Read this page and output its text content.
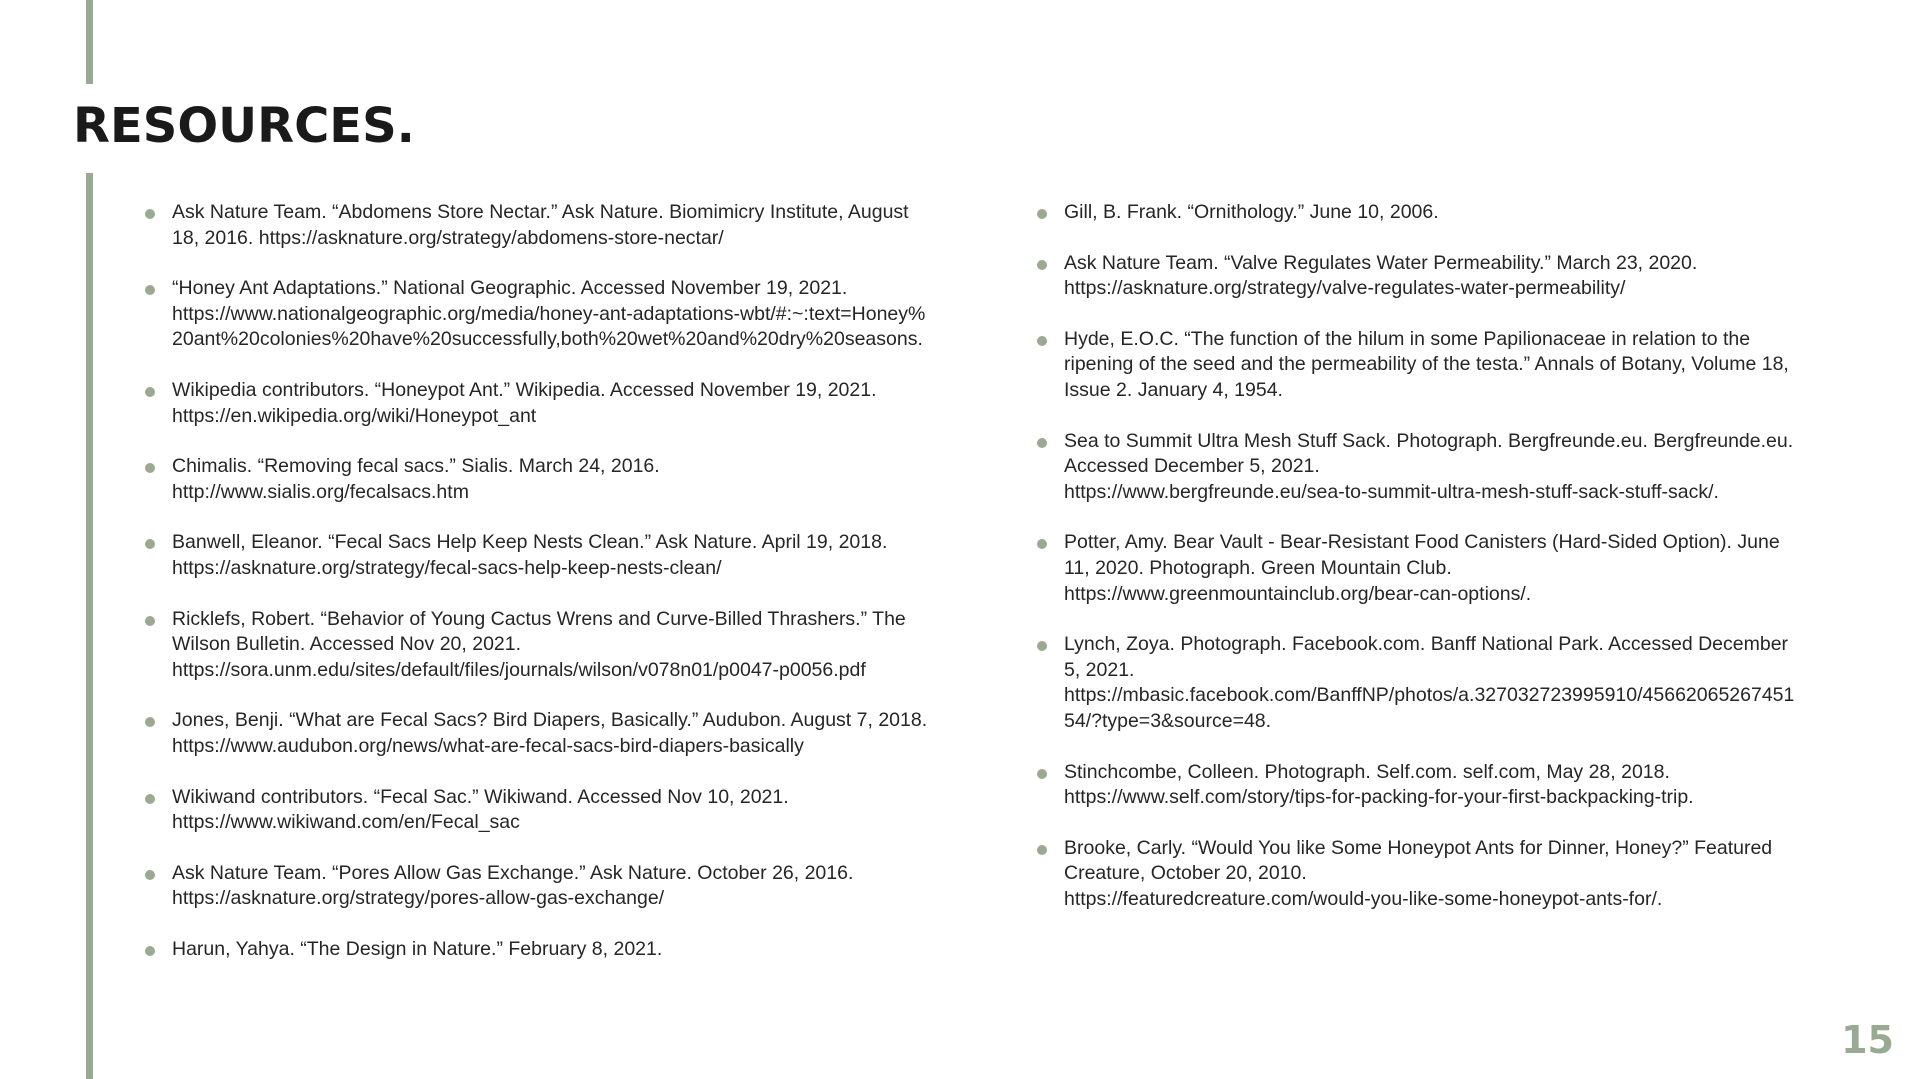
RESOURCES.
Ask Nature Team. “Abdomens Store Nectar.” Ask Nature. Biomimicry Institute, August
18, 2016. https://asknature.org/strategy/abdomens-store-nectar/
“Honey Ant Adaptations.” National Geographic. Accessed November 19, 2021.
https://www.nationalgeographic.org/media/honey-ant-adaptations-wbt/#:~:text=Honey%
20ant%20colonies%20have%20successfully,both%20wet%20and%20dry%20seasons.
Wikipedia contributors. “Honeypot Ant.” Wikipedia. Accessed November 19, 2021.
https://en.wikipedia.org/wiki/Honeypot_ant
Chimalis. “Removing fecal sacs.” Sialis. March 24, 2016.
http://www.sialis.org/fecalsacs.htm
Banwell, Eleanor. “Fecal Sacs Help Keep Nests Clean.” Ask Nature. April 19, 2018.
https://asknature.org/strategy/fecal-sacs-help-keep-nests-clean/
Ricklefs, Robert. “Behavior of Young Cactus Wrens and Curve-Billed Thrashers.” The
Wilson Bulletin. Accessed Nov 20, 2021.
https://sora.unm.edu/sites/default/files/journals/wilson/v078n01/p0047-p0056.pdf
Jones, Benji. “What are Fecal Sacs? Bird Diapers, Basically.” Audubon. August 7, 2018.
https://www.audubon.org/news/what-are-fecal-sacs-bird-diapers-basically
Wikiwand contributors. “Fecal Sac.” Wikiwand. Accessed Nov 10, 2021.
https://www.wikiwand.com/en/Fecal_sac
Ask Nature Team. “Pores Allow Gas Exchange.” Ask Nature. October 26, 2016.
https://asknature.org/strategy/pores-allow-gas-exchange/
Harun, Yahya. “The Design in Nature.” February 8, 2021.
Gill, B. Frank. “Ornithology.” June 10, 2006.
Ask Nature Team. “Valve Regulates Water Permeability.” March 23, 2020.
https://asknature.org/strategy/valve-regulates-water-permeability/
Hyde, E.O.C. “The function of the hilum in some Papilionaceae in relation to the
ripening of the seed and the permeability of the testa.” Annals of Botany, Volume 18,
Issue 2. January 4, 1954.
Sea to Summit Ultra Mesh Stuff Sack. Photograph. Bergfreunde.eu. Bergfreunde.eu.
Accessed December 5, 2021.
https://www.bergfreunde.eu/sea-to-summit-ultra-mesh-stuff-sack-stuff-sack/.
Potter, Amy. Bear Vault - Bear-Resistant Food Canisters (Hard-Sided Option). June
11, 2020. Photograph. Green Mountain Club.
https://www.greenmountainclub.org/bear-can-options/.
Lynch, Zoya. Photograph. Facebook.com. Banff National Park. Accessed December
5, 2021.
https://mbasic.facebook.com/BanffNP/photos/a.327032723995910/45662065267451
54/?type=3&source=48.
Stinchcombe, Colleen. Photograph. Self.com. self.com, May 28, 2018.
https://www.self.com/story/tips-for-packing-for-your-first-backpacking-trip.
Brooke, Carly. “Would You like Some Honeypot Ants for Dinner, Honey?” Featured
Creature, October 20, 2010.
https://featuredcreature.com/would-you-like-some-honeypot-ants-for/.
15
